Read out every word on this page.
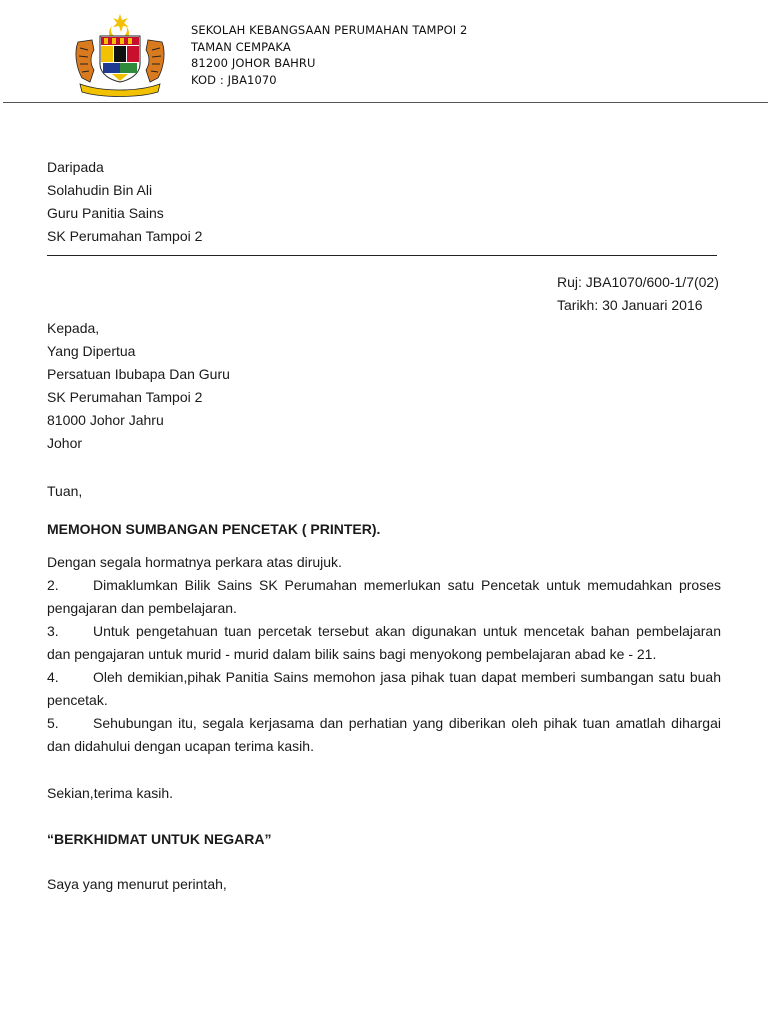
SEKOLAH KEBANGSAAN PERUMAHAN TAMPOI 2
TAMAN CEMPAKA
81200 JOHOR BAHRU
KOD : JBA1070
Daripada
Solahudin Bin Ali
Guru Panitia Sains
SK Perumahan Tampoi 2
Ruj: JBA1070/600-1/7(02)
Tarikh: 30 Januari 2016
Kepada,
Yang Dipertua
Persatuan Ibubapa Dan Guru
SK Perumahan Tampoi 2
81000 Johor Jahru
Johor
Tuan,
MEMOHON SUMBANGAN PENCETAK ( PRINTER).
Dengan segala hormatnya perkara atas dirujuk.
2. Dimaklumkan Bilik Sains SK Perumahan memerlukan satu Pencetak untuk memudahkan proses pengajaran dan pembelajaran.
3. Untuk pengetahuan tuan percetak tersebut akan digunakan untuk mencetak bahan pembelajaran dan pengajaran untuk murid - murid dalam bilik sains bagi menyokong pembelajaran abad ke - 21.
4. Oleh demikian,pihak Panitia Sains memohon jasa pihak tuan dapat memberi sumbangan satu buah pencetak.
5. Sehubungan itu, segala kerjasama dan perhatian yang diberikan oleh pihak tuan amatlah dihargai dan didahului dengan ucapan terima kasih.
Sekian,terima kasih.
“BERKHIDMAT UNTUK NEGARA”
Saya yang menurut perintah,
